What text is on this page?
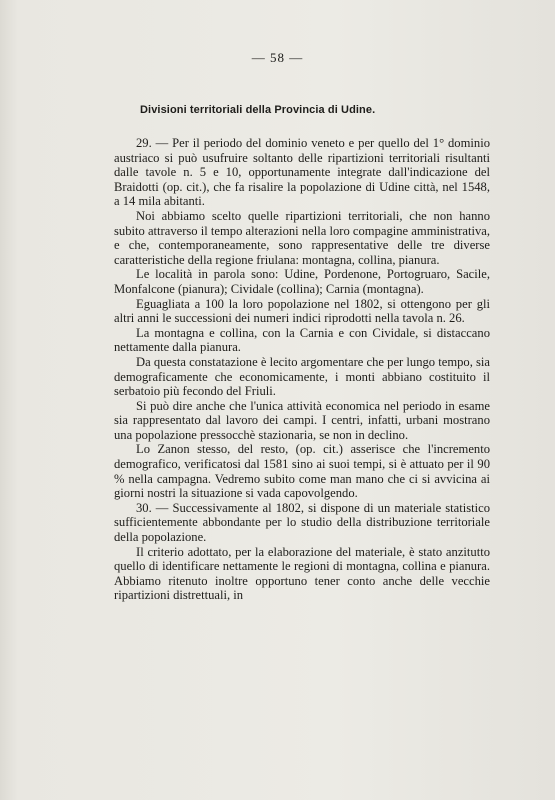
— 58 —
Divisioni territoriali della Provincia di Udine.

29. — Per il periodo del dominio veneto e per quello del 1° dominio austriaco si può usufruire soltanto delle ripartizioni territoriali risultanti dalle tavole n. 5 e 10, opportunamente integrate dall'indicazione del Braidotti (op. cit.), che fa risalire la popolazione di Udine città, nel 1548, a 14 mila abitanti.

Noi abbiamo scelto quelle ripartizioni territoriali, che non hanno subito attraverso il tempo alterazioni nella loro compagine amministrativa, e che, contemporaneamente, sono rappresentative delle tre diverse caratteristiche della regione friulana: montagna, collina, pianura.

Le località in parola sono: Udine, Pordenone, Portogruaro, Sacile, Monfalcone (pianura); Cividale (collina); Carnia (montagna).

Eguagliata a 100 la loro popolazione nel 1802, si ottengono per gli altri anni le successioni dei numeri indici riprodotti nella tavola n. 26.

La montagna e collina, con la Carnia e con Cividale, si distaccano nettamente dalla pianura.

Da questa constatazione è lecito argomentare che per lungo tempo, sia demograficamente che economicamente, i monti abbiano costituito il serbatoio più fecondo del Friuli.

Si può dire anche che l'unica attività economica nel periodo in esame sia rappresentato dal lavoro dei campi. I centri, infatti, urbani mostrano una popolazione pressocchè stazionaria, se non in declino.

Lo Zanon stesso, del resto, (op. cit.) asserisce che l'incremento demografico, verificatosi dal 1581 sino ai suoi tempi, si è attuato per il 90 % nella campagna. Vedremo subito come man mano che ci si avvicina ai giorni nostri la situazione si vada capovolgendo.

30. — Successivamente al 1802, si dispone di un materiale statistico sufficientemente abbondante per lo studio della distribuzione territoriale della popolazione.

Il criterio adottato, per la elaborazione del materiale, è stato anzitutto quello di identificare nettamente le regioni di montagna, collina e pianura. Abbiamo ritenuto inoltre opportuno tener conto anche delle vecchie ripartizioni distrettuali, in
